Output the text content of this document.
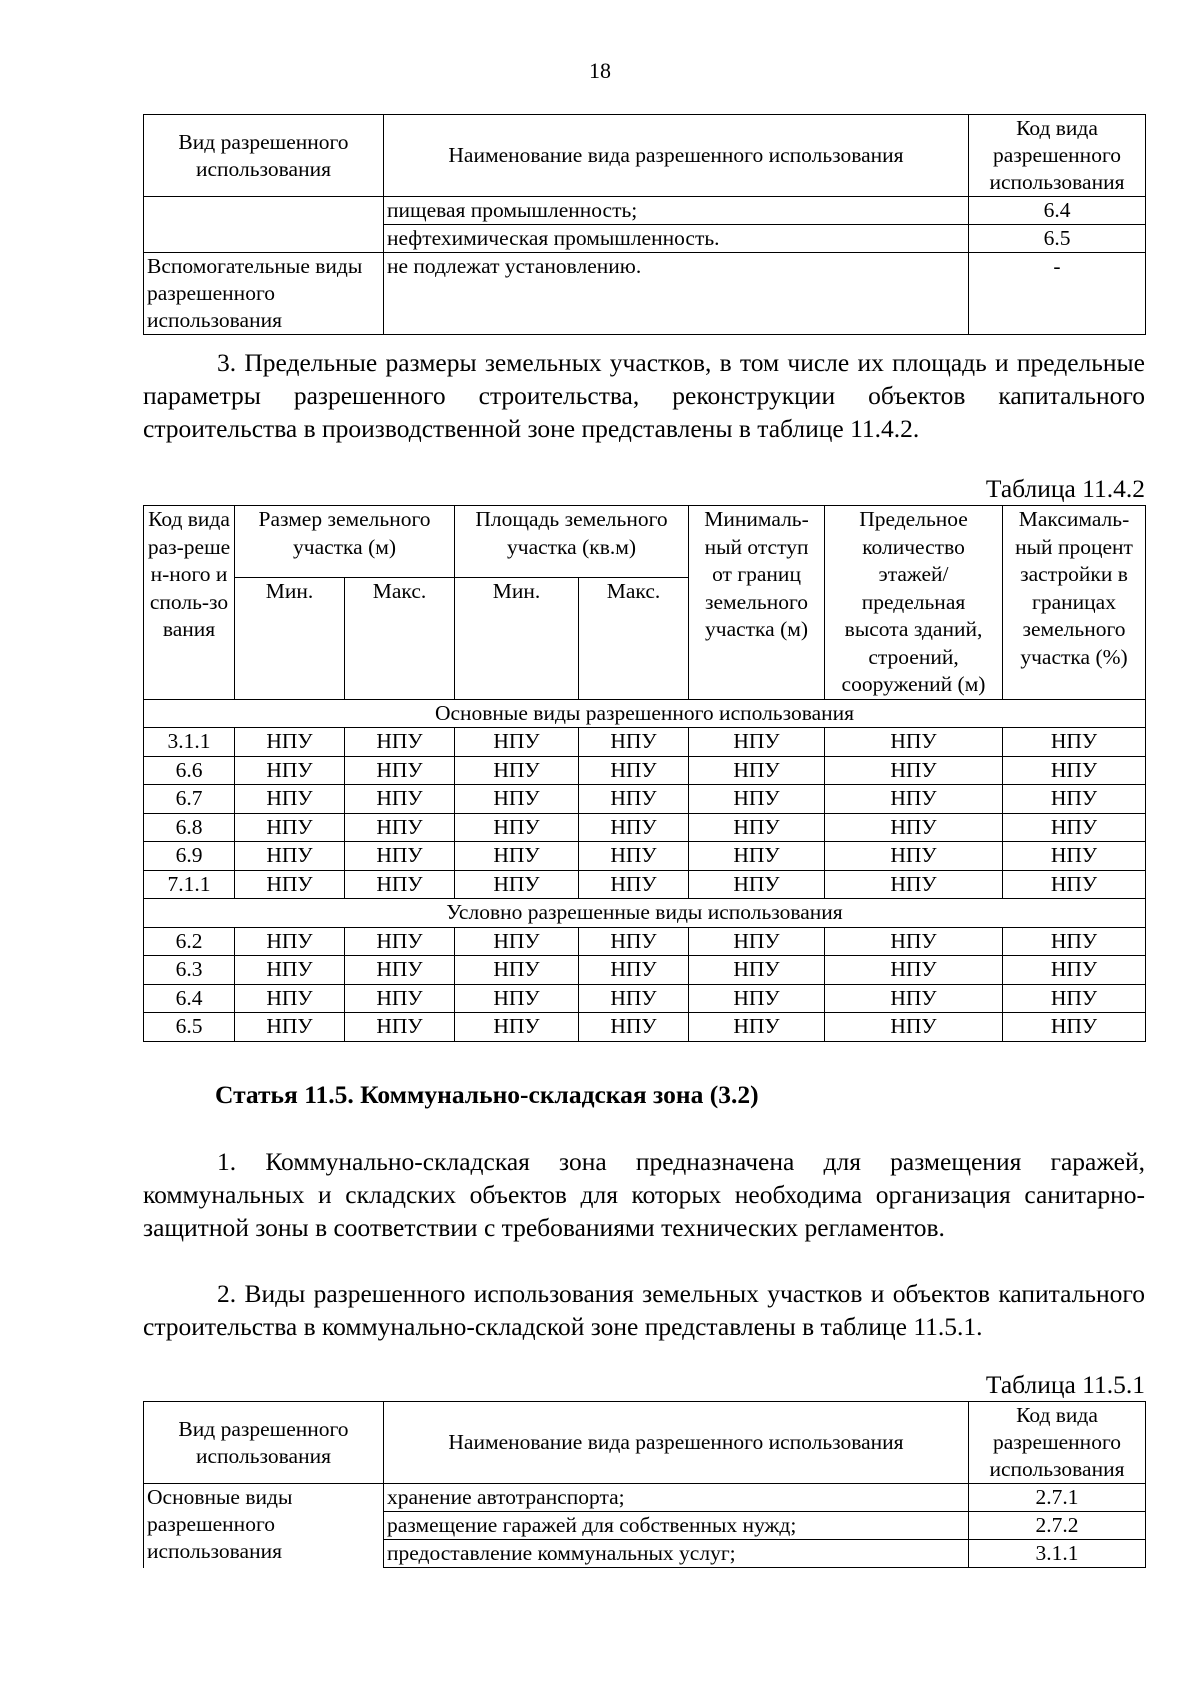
18
Вид разрешенного использования	Наименование вида разрешенного использования	Код вида разрешенного использования
	пищевая промышленность;	6.4
	нефтехимическая промышленность.	6.5
Вспомогательные виды разрешенного использования	не подлежат установлению.	-

3. Предельные размеры земельных участков, в том числе их площадь и предельные параметры разрешенного строительства, реконструкции объектов капитального строительства в производственной зоне представлены в таблице 11.4.2.

Таблица 11.4.2
Код вида раз-решен-ного исполь-зования	Размер земельного участка (м)		Площадь земельного участка (кв.м)		Минималь-ный отступ от границ земельного участка (м)	Предельное количество этажей/ предельная высота зданий, строений, сооружений (м)	Максималь-ный процент застройки в границах земельного участка (%)
	Мин.	Макс.	Мин.	Макс.			
Основные виды разрешенного использования							
3.1.1	НПУ	НПУ	НПУ	НПУ	НПУ	НПУ	НПУ
6.6	НПУ	НПУ	НПУ	НПУ	НПУ	НПУ	НПУ
6.7	НПУ	НПУ	НПУ	НПУ	НПУ	НПУ	НПУ
6.8	НПУ	НПУ	НПУ	НПУ	НПУ	НПУ	НПУ
6.9	НПУ	НПУ	НПУ	НПУ	НПУ	НПУ	НПУ
7.1.1	НПУ	НПУ	НПУ	НПУ	НПУ	НПУ	НПУ
Условно разрешенные виды использования							
6.2	НПУ	НПУ	НПУ	НПУ	НПУ	НПУ	НПУ
6.3	НПУ	НПУ	НПУ	НПУ	НПУ	НПУ	НПУ
6.4	НПУ	НПУ	НПУ	НПУ	НПУ	НПУ	НПУ
6.5	НПУ	НПУ	НПУ	НПУ	НПУ	НПУ	НПУ
Статья 11.5. Коммунально-складская зона (3.2)

1. Коммунально-складская зона предназначена для размещения гаражей, коммунальных и складских объектов для которых необходима организация санитарно-защитной зоны в соответствии с требованиями технических регламентов.

2. Виды разрешенного использования земельных участков и объектов капитального строительства в коммунально-складской зоне представлены в таблице 11.5.1.

Таблица 11.5.1
Вид разрешенного использования	Наименование вида разрешенного использования	Код вида разрешенного использования
Основные виды разрешенного использования	хранение автотранспорта;	2.7.1
	размещение гаражей для собственных нужд;	2.7.2
	предоставление коммунальных услуг;	3.1.1
